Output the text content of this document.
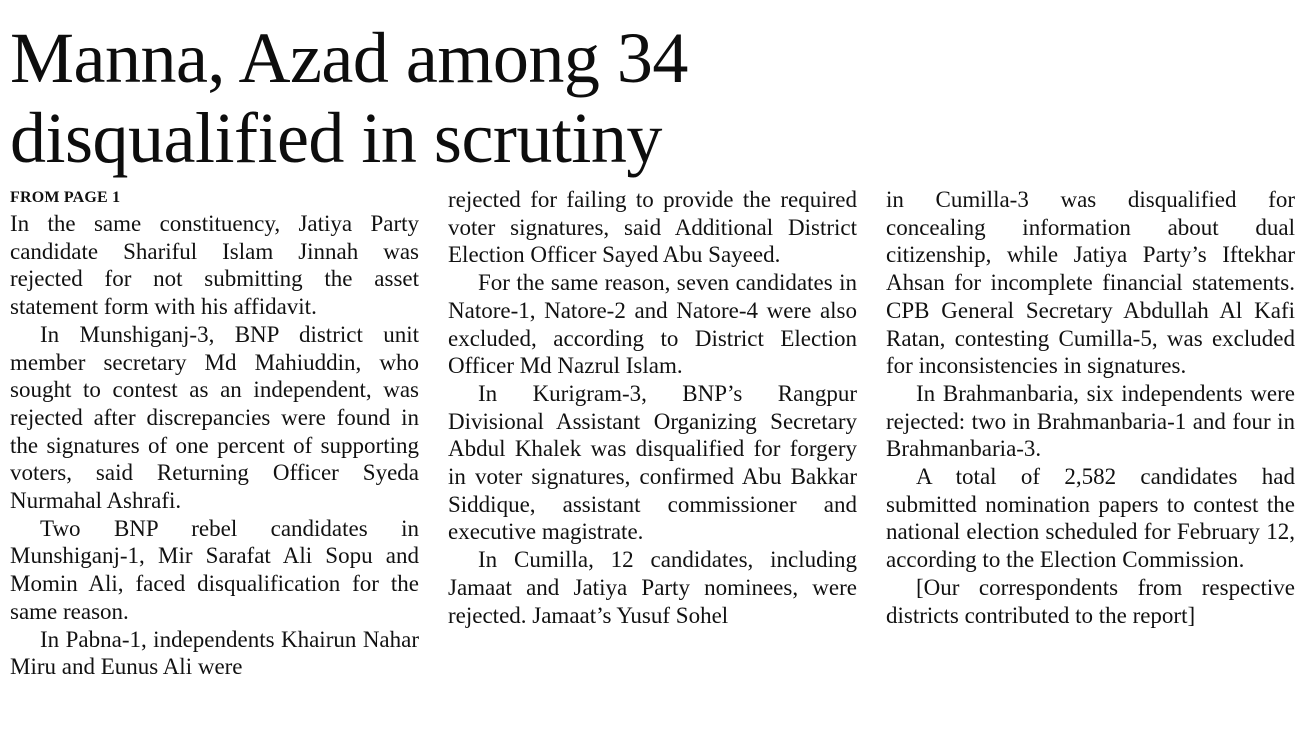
Manna, Azad among 34
disqualified in scrutiny
FROM PAGE 1

In the same constituency, Jatiya Party candidate Shariful Islam Jinnah was rejected for not submitting the asset statement form with his affidavit.

In Munshiganj-3, BNP district unit member secretary Md Mahiuddin, who sought to contest as an independent, was rejected after discrepancies were found in the signatures of one percent of supporting voters, said Returning Officer Syeda Nurmahal Ashrafi.

Two BNP rebel candidates in Munshiganj-1, Mir Sarafat Ali Sopu and Momin Ali, faced disqualification for the same reason.

In Pabna-1, independents Khairun Nahar Miru and Eunus Ali were

rejected for failing to provide the required voter signatures, said Additional District Election Officer Sayed Abu Sayeed.

For the same reason, seven candidates in Natore-1, Natore-2 and Natore-4 were also excluded, according to District Election Officer Md Nazrul Islam.

In Kurigram-3, BNP’s Rangpur Divisional Assistant Organizing Secretary Abdul Khalek was disqualified for forgery in voter signatures, confirmed Abu Bakkar Siddique, assistant commissioner and executive magistrate.

In Cumilla, 12 candidates, including Jamaat and Jatiya Party nominees, were rejected. Jamaat’s Yusuf Sohel

in Cumilla-3 was disqualified for concealing information about dual citizenship, while Jatiya Party’s Iftekhar Ahsan for incomplete financial statements. CPB General Secretary Abdullah Al Kafi Ratan, contesting Cumilla-5, was excluded for inconsistencies in signatures.

In Brahmanbaria, six independents were rejected: two in Brahmanbaria-1 and four in Brahmanbaria-3.

A total of 2,582 candidates had submitted nomination papers to contest the national election scheduled for February 12, according to the Election Commission.

[Our correspondents from respective districts contributed to the report]
